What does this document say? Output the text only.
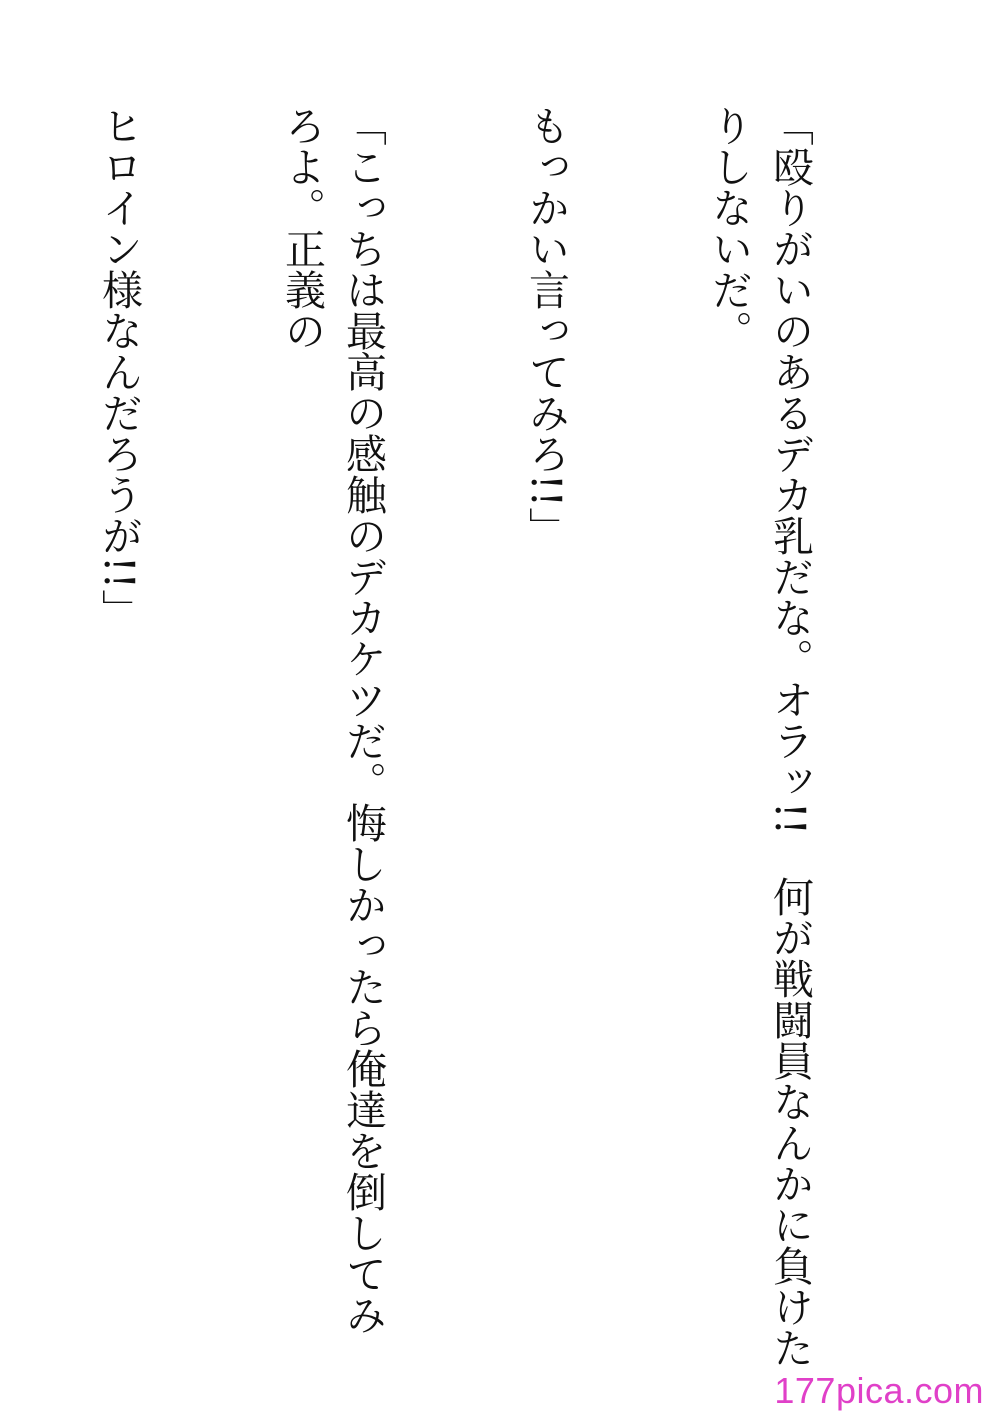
「殴りがいのあるデカ乳だな。オラッ!!　何が戦闘員なんかに負けたりしないだ。

もっかい言ってみろ!!」

「こっちは最高の感触のデカケツだ。悔しかったら俺達を倒してみろよ。正義の

ヒロイン様なんだろうが!!」

177pica.com
